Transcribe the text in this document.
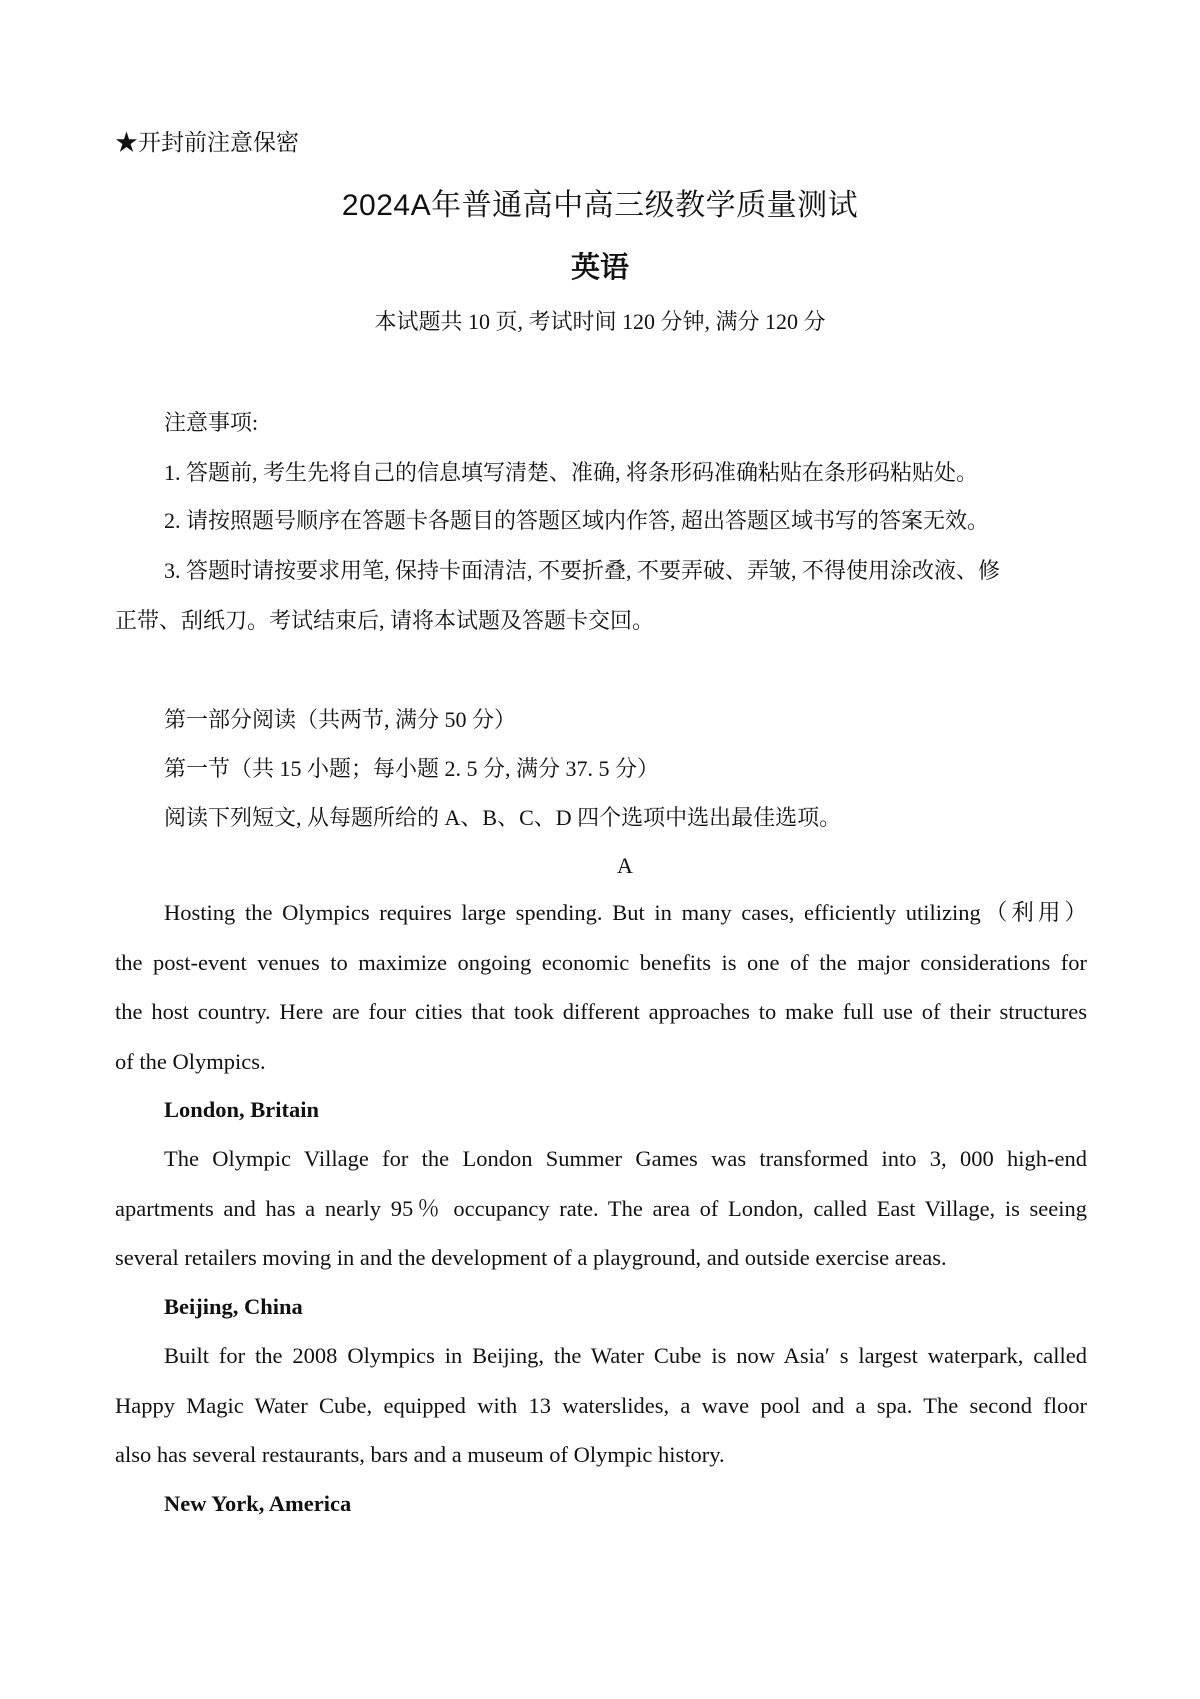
★开封前注意保密
2024A年普通高中高三级教学质量测试
英语
本试题共 10 页, 考试时间 120 分钟, 满分 120 分
注意事项:
1. 答题前, 考生先将自己的信息填写清楚、准确, 将条形码准确粘贴在条形码粘贴处。
2. 请按照题号顺序在答题卡各题目的答题区域内作答, 超出答题区域书写的答案无效。
3. 答题时请按要求用笔, 保持卡面清洁, 不要折叠, 不要弄破、弄皱, 不得使用涂改液、修
正带、刮纸刀。考试结束后, 请将本试题及答题卡交回。
第一部分阅读（共两节, 满分 50 分）
第一节（共 15 小题；每小题 2. 5 分, 满分 37. 5 分）
阅读下列短文, 从每题所给的 A、B、C、D 四个选项中选出最佳选项。
A
Hosting the Olympics requires large spending. But in many cases, efficiently utilizing（利用）
the post-event venues to maximize ongoing economic benefits is one of the major considerations for
the host country. Here are four cities that took different approaches to make full use of their structures
of the Olympics.
London, Britain
The Olympic Village for the London Summer Games was transformed into 3, 000 high-end
apartments and has a nearly 95％ occupancy rate. The area of London, called East Village, is seeing
several retailers moving in and the development of a playground, and outside exercise areas.
Beijing, China
Built for the 2008 Olympics in Beijing, the Water Cube is now Asia′ s largest waterpark, called
Happy Magic Water Cube, equipped with 13 waterslides, a wave pool and a spa. The second floor
also has several restaurants, bars and a museum of Olympic history.
New York, America
